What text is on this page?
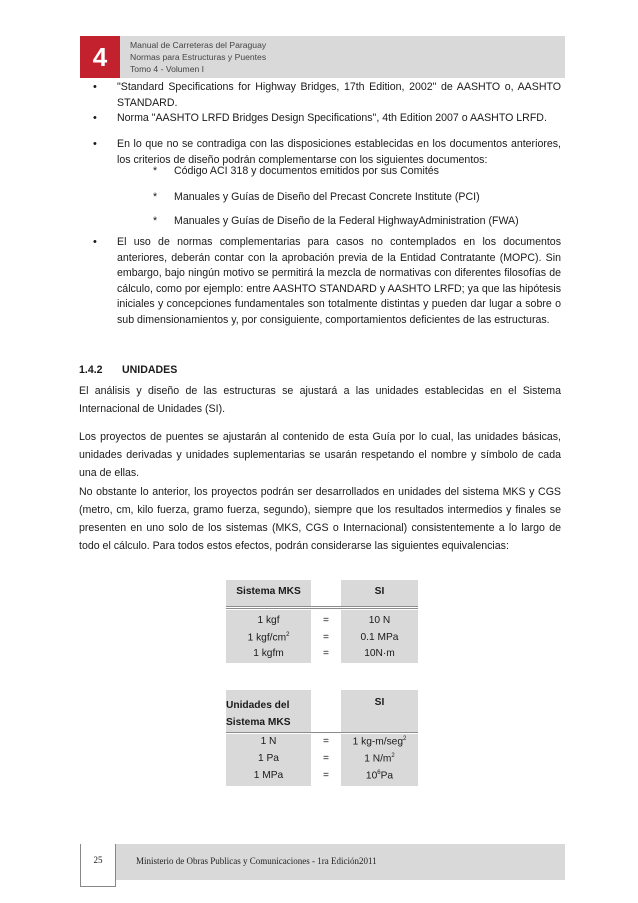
4	Manual de Carreteras del Paraguay
Normas para Estructuras y Puentes
Tomo 4 - Volumen I
• "Standard Specifications for Highway Bridges, 17th Edition, 2002" de AASHTO o, AASHTO STANDARD.
• Norma "AASHTO LRFD Bridges Design Specifications", 4th Edition 2007 o AASHTO LRFD.
• En lo que no se contradiga con las disposiciones establecidas en los documentos anteriores, los criterios de diseño podrán complementarse con los siguientes documentos:
* Código ACI 318 y documentos emitidos por sus Comités
* Manuales y Guías de Diseño del Precast Concrete Institute (PCI)
* Manuales y Guías de Diseño de la Federal HighwayAdministration (FWA)
• El uso de normas complementarias para casos no contemplados en los documentos anteriores, deberán contar con la aprobación previa de la Entidad Contratante (MOPC). Sin embargo, bajo ningún motivo se permitirá la mezcla de normativas con diferentes filosofías de cálculo, como por ejemplo: entre AASHTO STANDARD y AASHTO LRFD; ya que las hipótesis iniciales y concepciones fundamentales son totalmente distintas y pueden dar lugar a sobre o sub dimensionamientos y, por consiguiente, comportamientos deficientes de las estructuras.
1.4.2 UNIDADES
El análisis y diseño de las estructuras se ajustará a las unidades establecidas en el Sistema Internacional de Unidades (SI).
Los proyectos de puentes se ajustarán al contenido de esta Guía por lo cual, las unidades básicas, unidades derivadas y unidades suplementarias se usarán respetando el nombre y símbolo de cada una de ellas.
No obstante lo anterior, los proyectos podrán ser desarrollados en unidades del sistema MKS y CGS (metro, cm, kilo fuerza, gramo fuerza, segundo), siempre que los resultados intermedios y finales se presenten en uno solo de los sistemas (MKS, CGS o Internacional) consistentemente a lo largo de todo el cálculo. Para todos estos efectos, podrán considerarse las siguientes equivalencias:
Sistema MKS	SI
1 kgf	=	10 N
1 kgf/$cm^2$	=	0.1 MPa
1 kgfm	=	10N·m
Unidades del
Sistema MKS
SI
1 N	=	1 kg-m/seg$^2$
1 Pa	=	1 $N/m^2$
1 MPa	=	$10^6Pa$
25	Ministerio de Obras Publicas y Comunicaciones - 1ra Edición2011
